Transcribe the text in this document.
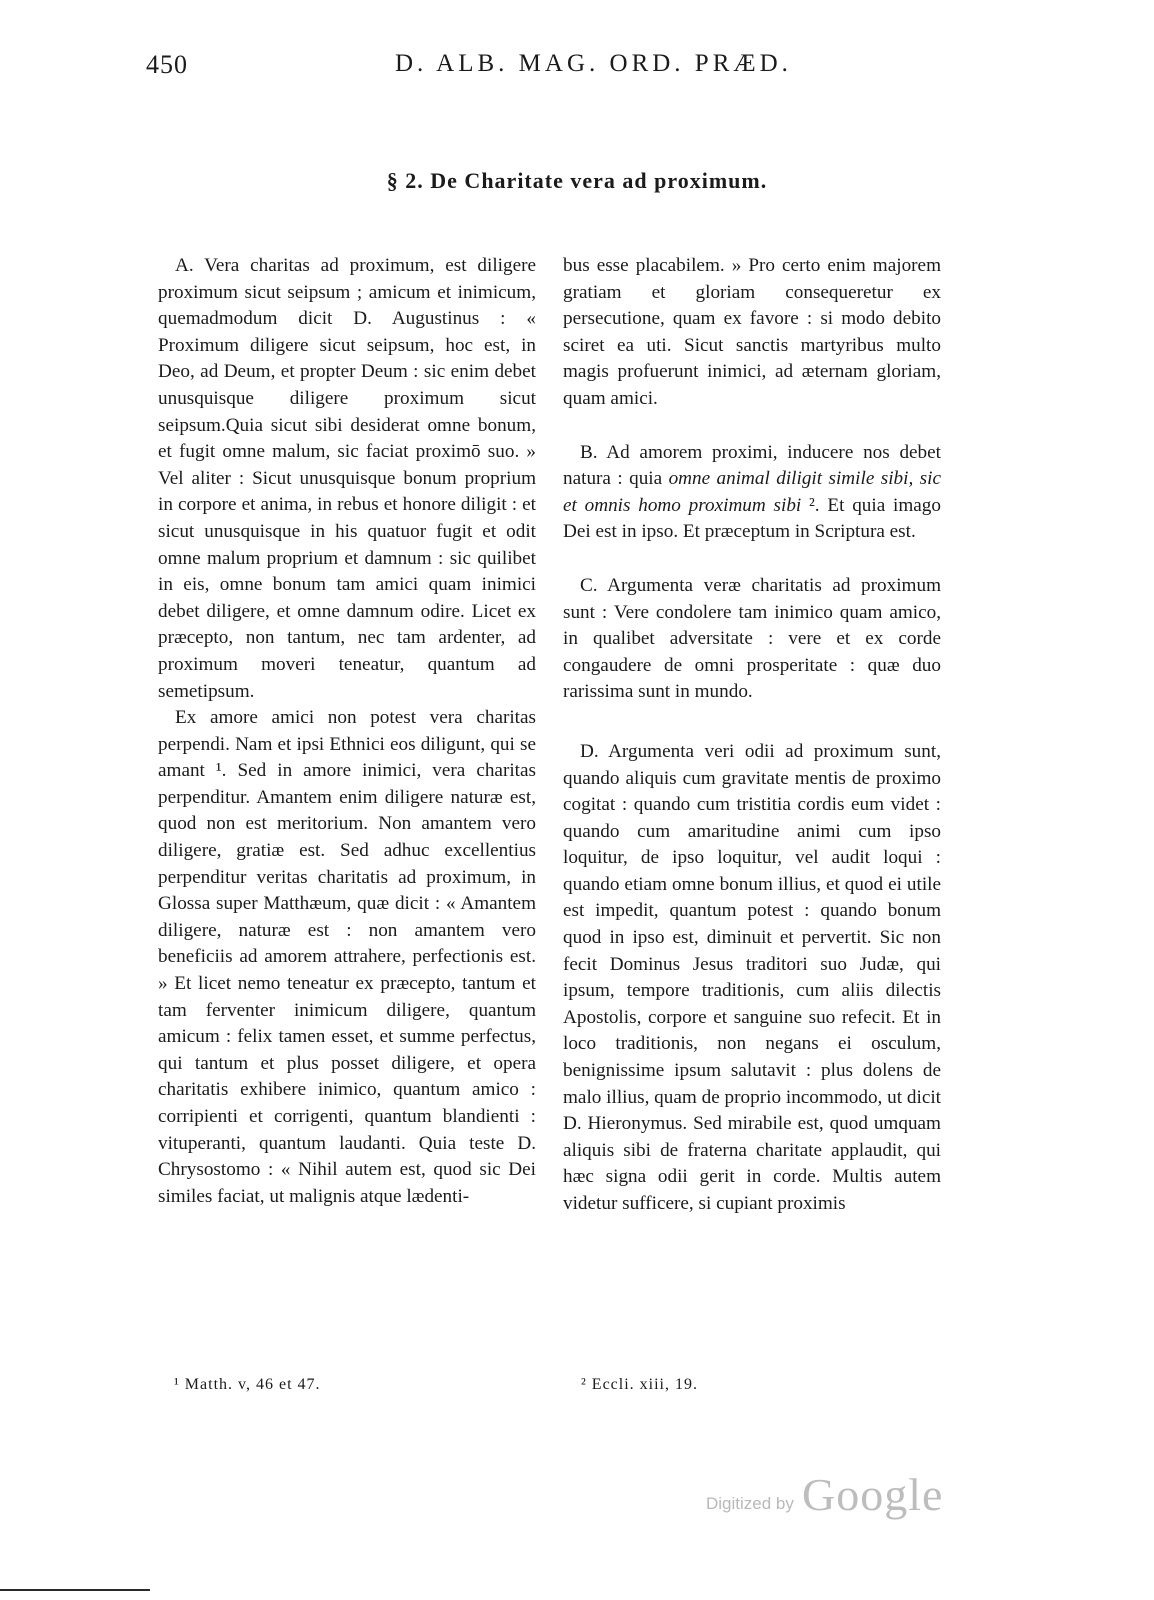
450	D. ALB. MAG. ORD. PRÆD.
§ 2. De Charitate vera ad proximum.

A. Vera charitas ad proximum, est diligere proximum sicut seipsum ; amicum et inimicum, quemadmodum dicit D. Augustinus : « Proximum diligere sicut seipsum, hoc est, in Deo, ad Deum, et propter Deum : sic enim debet unusquisque diligere proximum sicut seipsum.Quia sicut sibi desiderat omne bonum, et fugit omne malum, sic faciat proximō suo. » Vel aliter : Sicut unusquisque bonum proprium in corpore et anima, in rebus et honore diligit : et sicut unusquisque in his quatuor fugit et odit omne malum proprium et damnum : sic quilibet in eis, omne bonum tam amici quam inimici debet diligere, et omne damnum odire. Licet ex præcepto, non tantum, nec tam ardenter, ad proximum moveri teneatur, quantum ad semetipsum.

Ex amore amici non potest vera charitas perpendi. Nam et ipsi Ethnici eos diligunt, qui se amant ¹. Sed in amore inimici, vera charitas perpenditur. Amantem enim diligere naturæ est, quod non est meritorium. Non amantem vero diligere, gratiæ est. Sed adhuc excellentius perpenditur veritas charitatis ad proximum, in Glossa super Matthæum, quæ dicit : « Amantem diligere, naturæ est : non amantem vero beneficiis ad amorem attrahere, perfectionis est. » Et licet nemo teneatur ex præcepto, tantum et tam ferventer inimicum diligere, quantum amicum : felix tamen esset, et summe perfectus, qui tantum et plus posset diligere, et opera charitatis exhibere inimico, quantum amico : corripienti et corrigenti, quantum blandienti : vituperanti, quantum laudanti. Quia teste D. Chrysostomo : « Nihil autem est, quod sic Dei similes faciat, ut malignis atque lædenti-

bus esse placabilem. » Pro certo enim majorem gratiam et gloriam consequeretur ex persecutione, quam ex favore : si modo debito sciret ea uti. Sicut sanctis martyribus multo magis profuerunt inimici, ad æternam gloriam, quam amici.

B. Ad amorem proximi, inducere nos debet natura : quia omne animal diligit simile sibi, sic et omnis homo proximum sibi ². Et quia imago Dei est in ipso. Et præceptum in Scriptura est.

C. Argumenta veræ charitatis ad proximum sunt : Vere condolere tam inimico quam amico, in qualibet adversitate : vere et ex corde congaudere de omni prosperitate : quæ duo rarissima sunt in mundo.

D. Argumenta veri odii ad proximum sunt, quando aliquis cum gravitate mentis de proximo cogitat : quando cum tristitia cordis eum videt : quando cum amaritudine animi cum ipso loquitur, de ipso loquitur, vel audit loqui : quando etiam omne bonum illius, et quod ei utile est impedit, quantum potest : quando bonum quod in ipso est, diminuit et pervertit. Sic non fecit Dominus Jesus traditori suo Judæ, qui ipsum, tempore traditionis, cum aliis dilectis Apostolis, corpore et sanguine suo refecit. Et in loco traditionis, non negans ei osculum, benignissime ipsum salutavit : plus dolens de malo illius, quam de proprio incommodo, ut dicit D. Hieronymus. Sed mirabile est, quod umquam aliquis sibi de fraterna charitate applaudit, qui hæc signa odii gerit in corde. Multis autem videtur sufficere, si cupiant proximis

¹ Matth. v, 46 et 47.	² Eccli. xiii, 19.
Digitized by Google
